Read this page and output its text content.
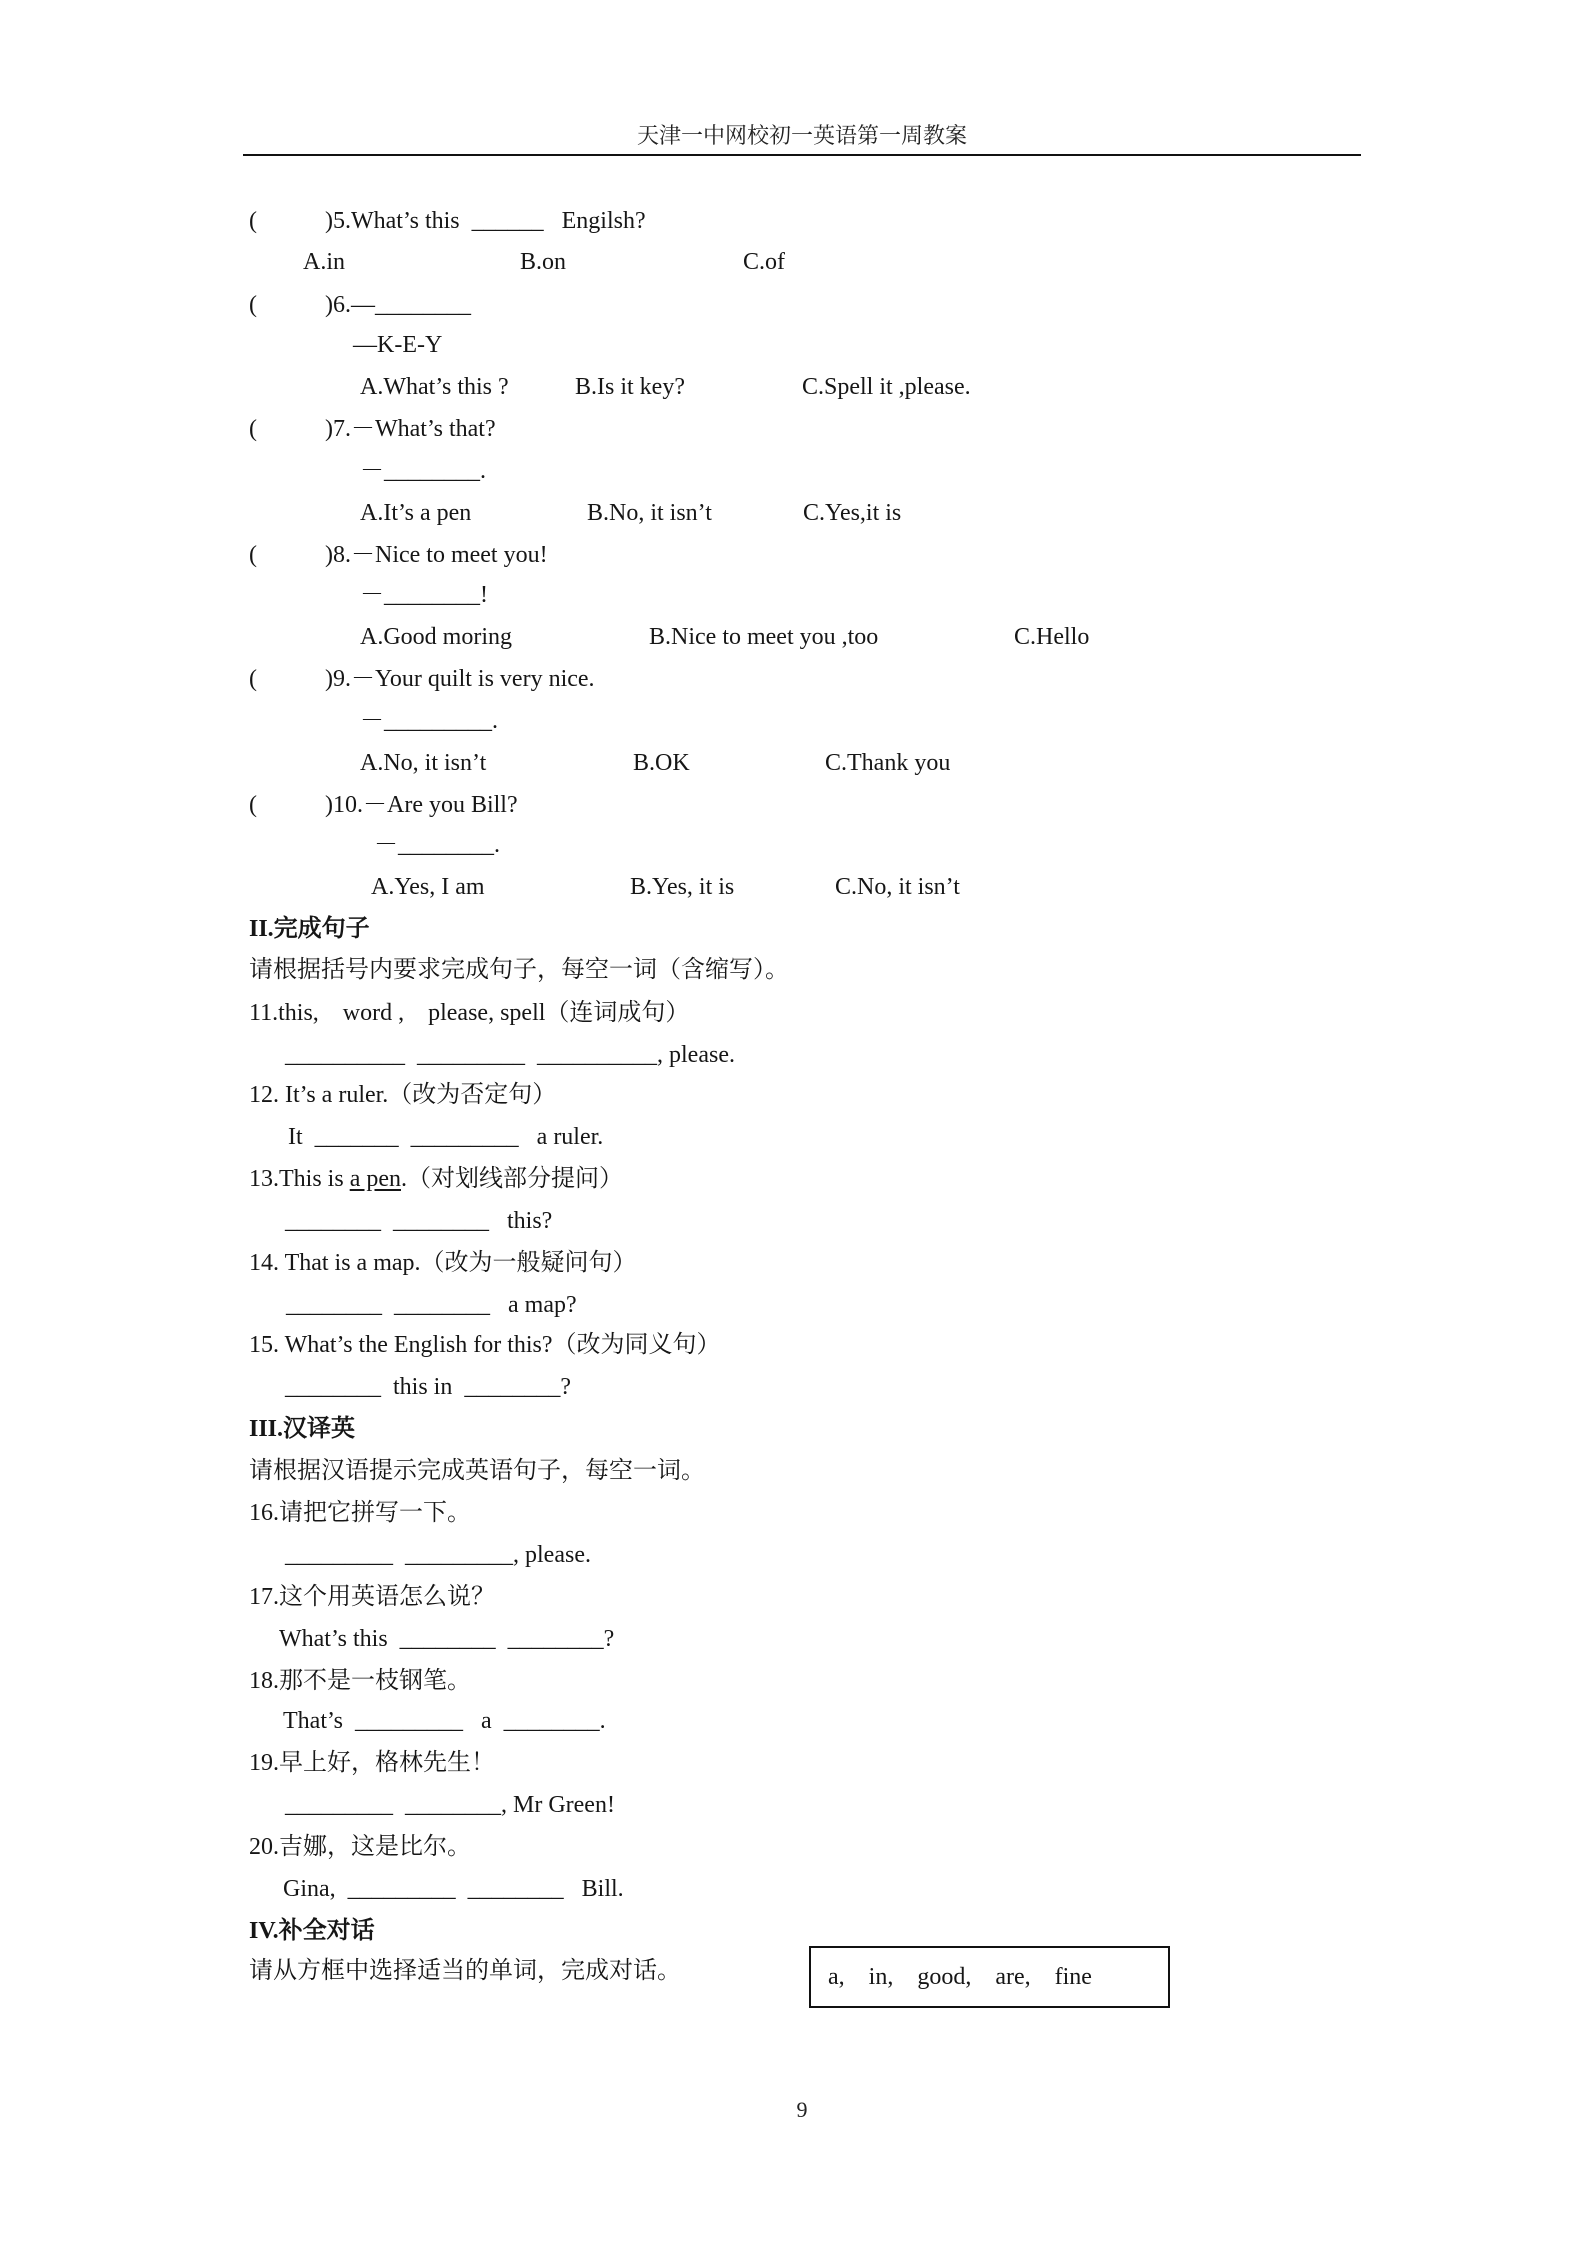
天津一中网校初一英语第一周教案
(	)5.What’s this  ______   Engilsh?
A.in	B.on	C.of
(	)6.—________
—K-E-Y
A.What’s this ?	B.Is it key?	C.Spell it ,please.
(	)7.－What’s that?
－________.
A.It’s a pen	B.No, it isn’t	C.Yes,it is
(	)8.－Nice to meet you!
－________!
A.Good moring	B.Nice to meet you ,too	C.Hello
(	)9.－Your quilt is very nice.
－_________.
A.No, it isn’t	B.OK	C.Thank you
(	)10.－Are you Bill?
－________.
A.Yes, I am	B.Yes, it is	C.No, it isn’t
II.完成句子
请根据括号内要求完成句子，每空一词（含缩写）。
11.this,    word ,    please, spell（连词成句）
__________  _________  __________, please.
12. It’s a ruler.（改为否定句）
It  _______  _________   a ruler.
13.This is a pen.（对划线部分提问）
________  ________   this?
14. That is a map.（改为一般疑问句）
________  ________   a map?
15. What’s the English for this?（改为同义句）
________  this in  ________?
III.汉译英
请根据汉语提示完成英语句子，每空一词。
16.请把它拼写一下。
_________  _________, please.
17.这个用英语怎么说？
What’s this  ________  ________?
18.那不是一枝钢笔。
That’s  _________   a  ________.
19.早上好，格林先生！
_________  ________, Mr Green!
20.吉娜，这是比尔。
Gina,  _________  ________   Bill.
IV.补全对话
请从方框中选择适当的单词，完成对话。	a,    in,    good,    are,    fine
9
